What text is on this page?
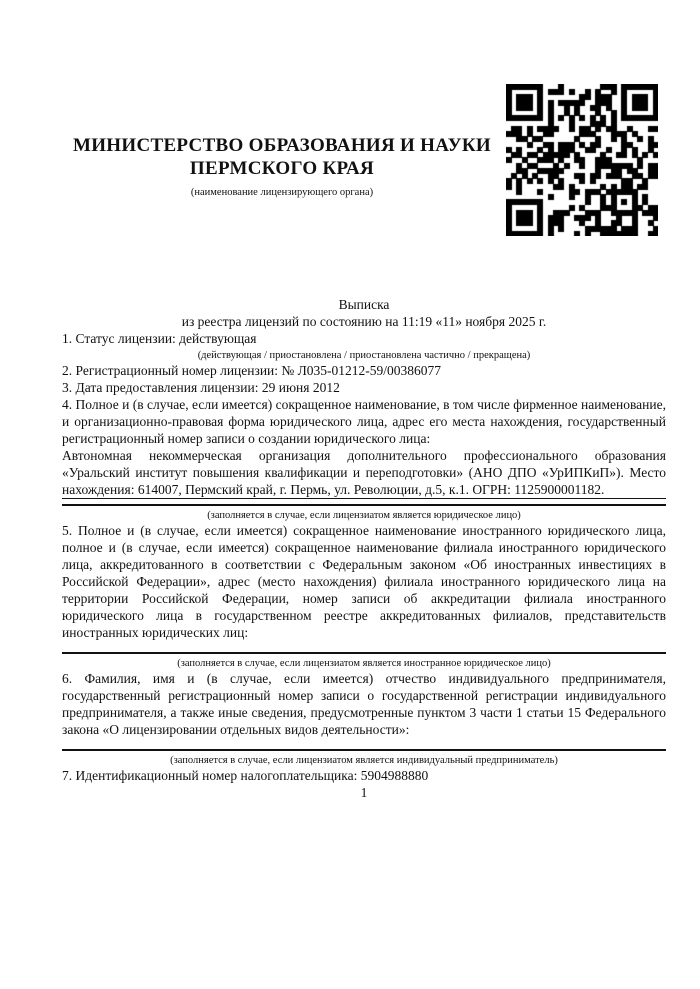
МИНИСТЕРСТВО ОБРАЗОВАНИЯ И НАУКИ ПЕРМСКОГО КРАЯ
(наименование лицензирующего органа)

Выписка

из реестра лицензий по состоянию на 11:19 «11» ноября 2025 г.

1. Статус лицензии: действующая

(действующая / приостановлена / приостановлена частично / прекращена)

2. Регистрационный номер лицензии: № Л035-01212-59/00386077

3. Дата предоставления лицензии: 29 июня 2012

4. Полное и (в случае, если имеется) сокращенное наименование, в том числе фирменное наименование, и организационно-правовая форма юридического лица, адрес его места нахождения, государственный регистрационный номер записи о создании юридического лица:

Автономная некоммерческая организация дополнительного профессионального образования «Уральский институт повышения квалификации и переподготовки» (АНО ДПО «УрИПКиП»). Место нахождения: 614007, Пермский край, г. Пермь, ул. Революции, д.5, к.1. ОГРН: 1125900001182.

(заполняется в случае, если лицензиатом является юридическое лицо)

5. Полное и (в случае, если имеется) сокращенное наименование иностранного юридического лица, полное и (в случае, если имеется) сокращенное наименование филиала иностранного юридического лица, аккредитованного в соответствии с Федеральным законом «Об иностранных инвестициях в Российской Федерации», адрес (место нахождения) филиала иностранного юридического лица на территории Российской Федерации, номер записи об аккредитации филиала иностранного юридического лица в государственном реестре аккредитованных филиалов, представительств иностранных юридических лиц:

(заполняется в случае, если лицензиатом является иностранное юридическое лицо)

6. Фамилия, имя и (в случае, если имеется) отчество индивидуального предпринимателя, государственный регистрационный номер записи о государственной регистрации индивидуального предпринимателя, а также иные сведения, предусмотренные пунктом 3 части 1 статьи 15 Федерального закона «О лицензировании отдельных видов деятельности»:

(заполняется в случае, если лицензиатом является индивидуальный предприниматель)

7. Идентификационный номер налогоплательщика: 5904988880

1
